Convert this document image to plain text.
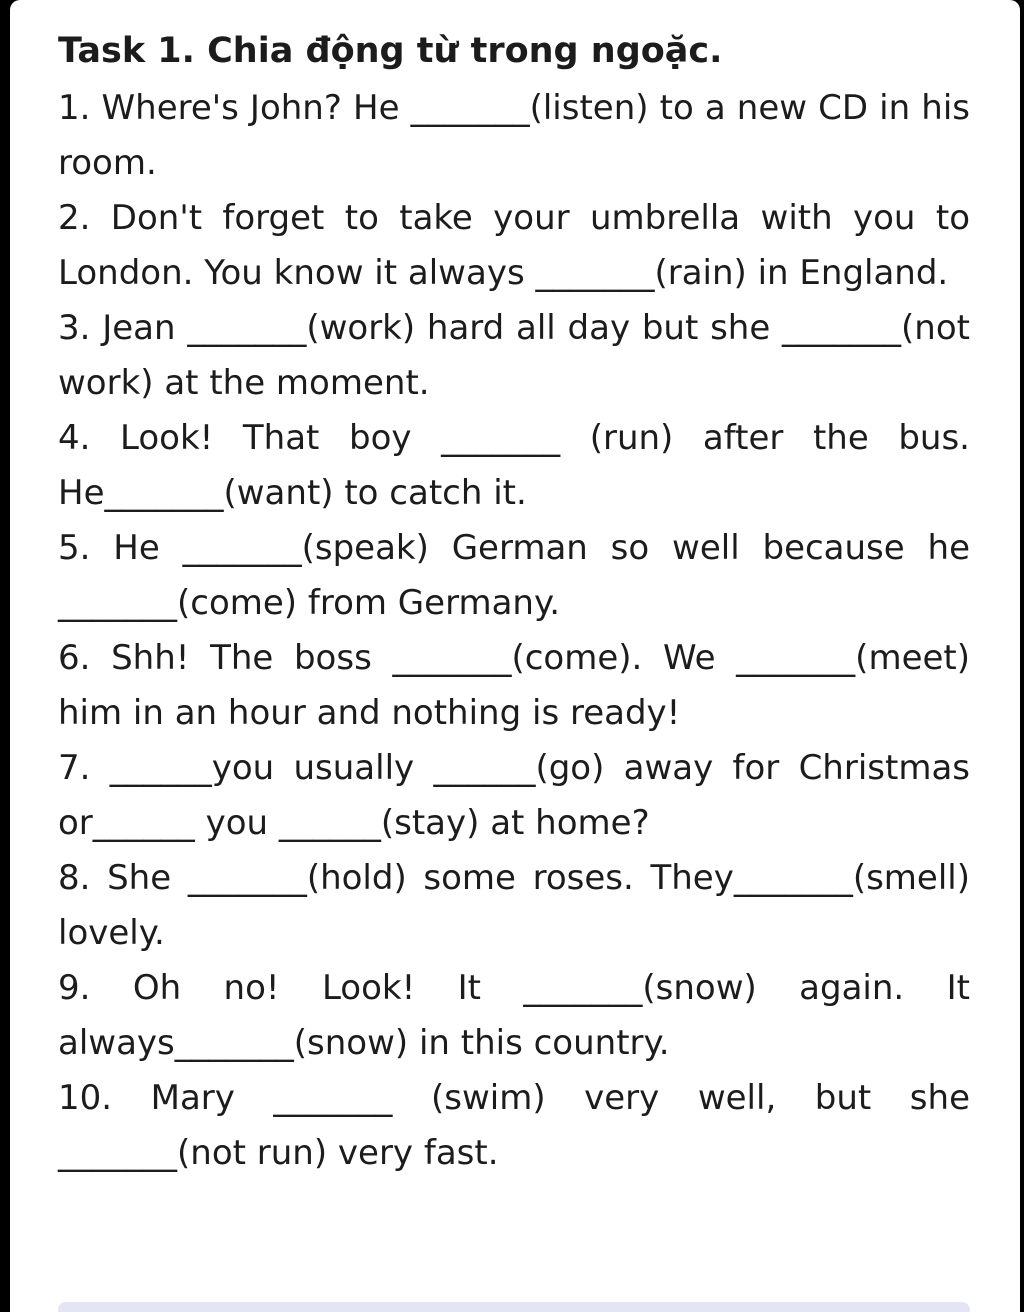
Task 1. Chia động từ trong ngoặc.

1. Where's John? He _______(listen) to a new CD in his room.

2. Don't forget to take your umbrella with you to London. You know it always _______(rain) in England.

3. Jean _______(work) hard all day but she _______(not work) at the moment.

4. Look! That boy _______ (run) after the bus. He_______(want) to catch it.

5. He _______(speak) German so well because he _______(come) from Germany.

6. Shh! The boss _______(come). We _______(meet) him in an hour and nothing is ready!

7. ______you usually ______(go) away for Christmas or______ you ______(stay) at home?

8. She _______(hold) some roses. They_______(smell) lovely.

9. Oh no! Look! It _______(snow) again. It always_______(snow) in this country.

10. Mary _______ (swim) very well, but she _______(not run) very fast.
